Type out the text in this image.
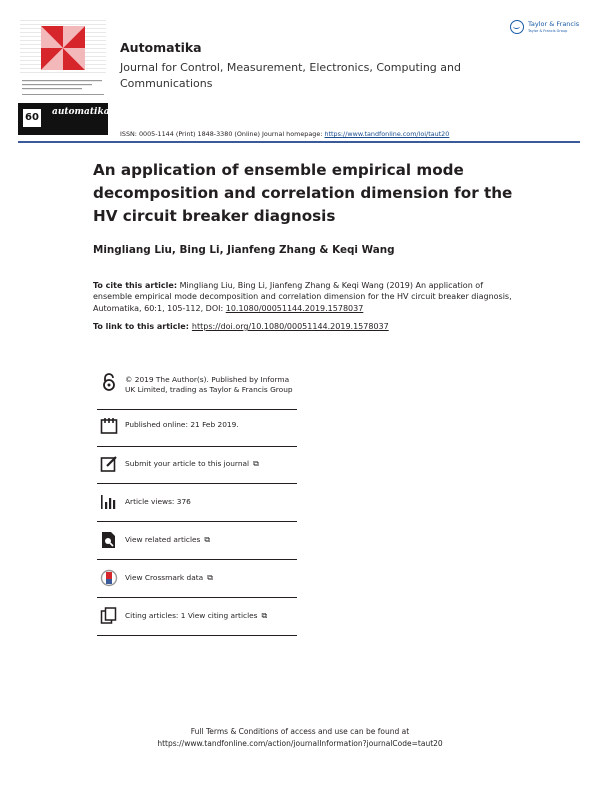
60 automatika
Automatika
Journal for Control, Measurement, Electronics, Computing and Communications
ISSN: 0005-1144 (Print) 1848-3380 (Online) Journal homepage: https://www.tandfonline.com/loi/taut20
Taylor & Francis
Taylor & Francis Group
An application of ensemble empirical mode decomposition and correlation dimension for the HV circuit breaker diagnosis
Mingliang Liu, Bing Li, Jianfeng Zhang & Keqi Wang
To cite this article: Mingliang Liu, Bing Li, Jianfeng Zhang & Keqi Wang (2019) An application of ensemble empirical mode decomposition and correlation dimension for the HV circuit breaker diagnosis, Automatika, 60:1, 105-112, DOI: 10.1080/00051144.2019.1578037
To link to this article: https://doi.org/10.1080/00051144.2019.1578037
© 2019 The Author(s). Published by Informa UK Limited, trading as Taylor & Francis Group
Published online: 21 Feb 2019.
Submit your article to this journal ⧉
Article views: 376
View related articles ⧉
View Crossmark data ⧉
Citing articles: 1 View citing articles ⧉
Full Terms & Conditions of access and use can be found at
https://www.tandfonline.com/action/journalInformation?journalCode=taut20
